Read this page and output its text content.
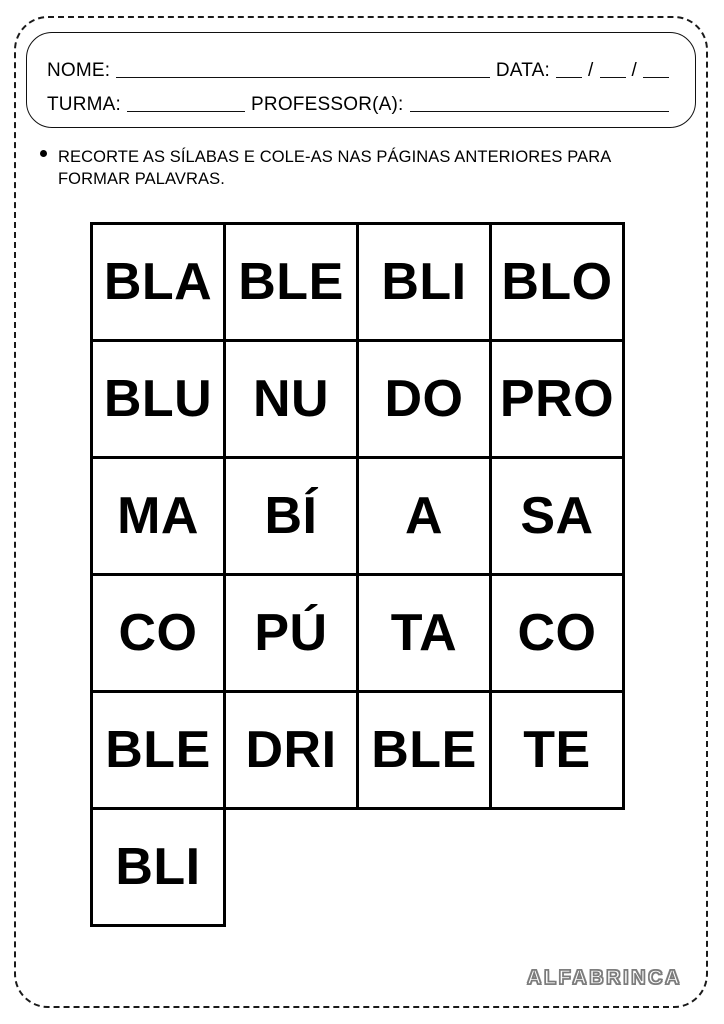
NOME:	DATA: / /
TURMA:	PROFESSOR(A):
RECORTE AS SÍLABAS E COLE-AS NAS PÁGINAS ANTERIORES PARA FORMAR PALAVRAS.
BLA BLE BLI BLO
BLU NU DO PRO
MA BÍ A SA
CO PÚ TA CO
BLE DRI BLE TE
BLI
ALFABRINCA
